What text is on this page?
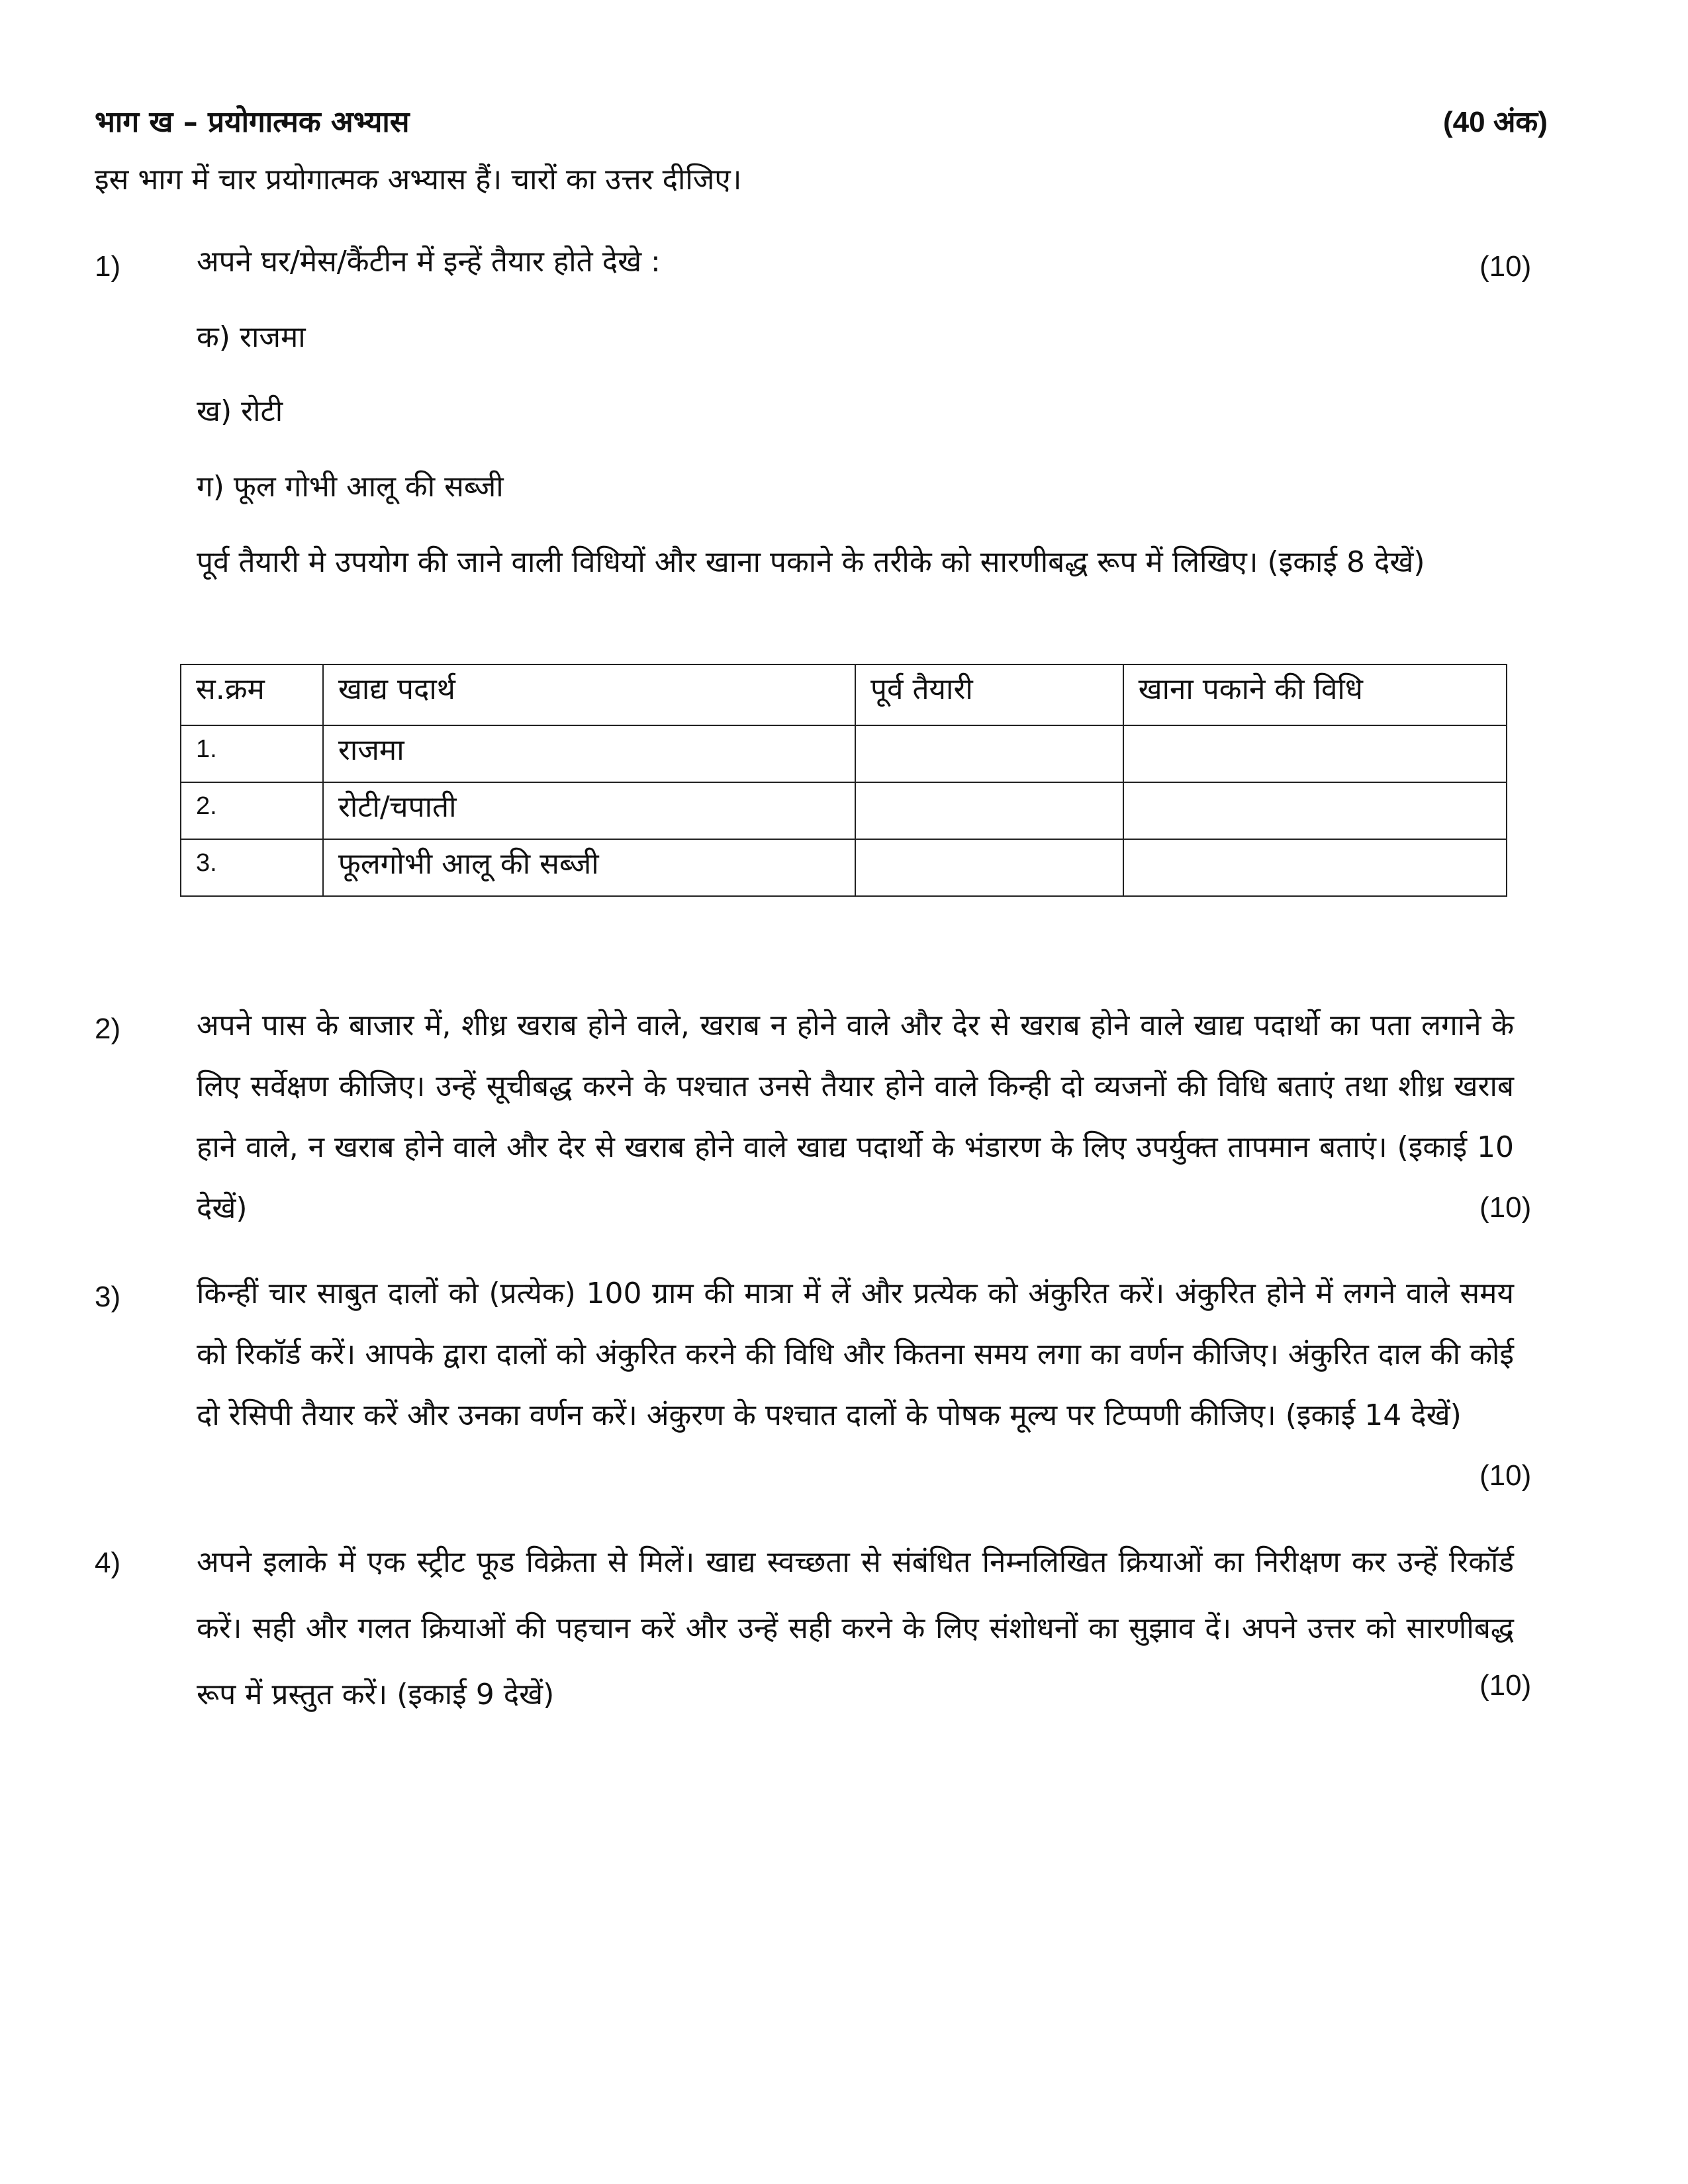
भाग ख – प्रयोगात्मक अभ्यास	(40 अंक)
इस भाग में चार प्रयोगात्मक अभ्यास हैं। चारों का उत्तर दीजिए।
1)	अपने घर/मेस/कैंटीन में इन्हें तैयार होते देखे :	(10)
क) राजमा
ख) रोटी
ग) फूल गोभी आलू की सब्जी
पूर्व तैयारी मे उपयोग की जाने वाली विधियों और खाना पकाने के तरीके को सारणीबद्ध रूप में लिखिए। (इकाई 8 देखें)
स.क्रम	खाद्य पदार्थ	पूर्व तैयारी	खाना पकाने की विधि
1.	राजमा		
2.	रोटी/चपाती		
3.	फूलगोभी आलू की सब्जी		
2)	अपने पास के बाजार में, शीध्र खराब होने वाले, खराब न होने वाले और देर से खराब होने वाले खाद्य पदार्थो का पता लगाने के लिए सर्वेक्षण कीजिए। उन्हें सूचीबद्ध करने के पश्चात उनसे तैयार होने वाले किन्ही दो व्यजनों की विधि बताएं तथा शीध्र खराब हाने वाले, न खराब होने वाले और देर से खराब होने वाले खाद्य पदार्थो के भंडारण के लिए उपर्युक्त तापमान बताएं। (इकाई 10 देखें)	(10)
3)	किन्हीं चार साबुत दालों को (प्रत्येक) 100 ग्राम की मात्रा में लें और प्रत्येक को अंकुरित करें। अंकुरित होने में लगने वाले समय को रिकॉर्ड करें। आपके द्वारा दालों को अंकुरित करने की विधि और कितना समय लगा का वर्णन कीजिए। अंकुरित दाल की कोई दो रेसिपी तैयार करें और उनका वर्णन करें। अंकुरण के पश्चात दालों के पोषक मूल्य पर टिप्पणी कीजिए। (इकाई 14 देखें)
(10)
4)	अपने इलाके में एक स्ट्रीट फूड विक्रेता से मिलें। खाद्य स्वच्छता से संबंधित निम्नलिखित क्रियाओं का निरीक्षण कर उन्हें रिकॉर्ड करें। सही और गलत क्रियाओं की पहचान करें और उन्हें सही करने के लिए संशोधनों का सुझाव दें। अपने उत्तर को सारणीबद्ध रूप में प्रस्तुत करें। (इकाई 9 देखें)	(10)
